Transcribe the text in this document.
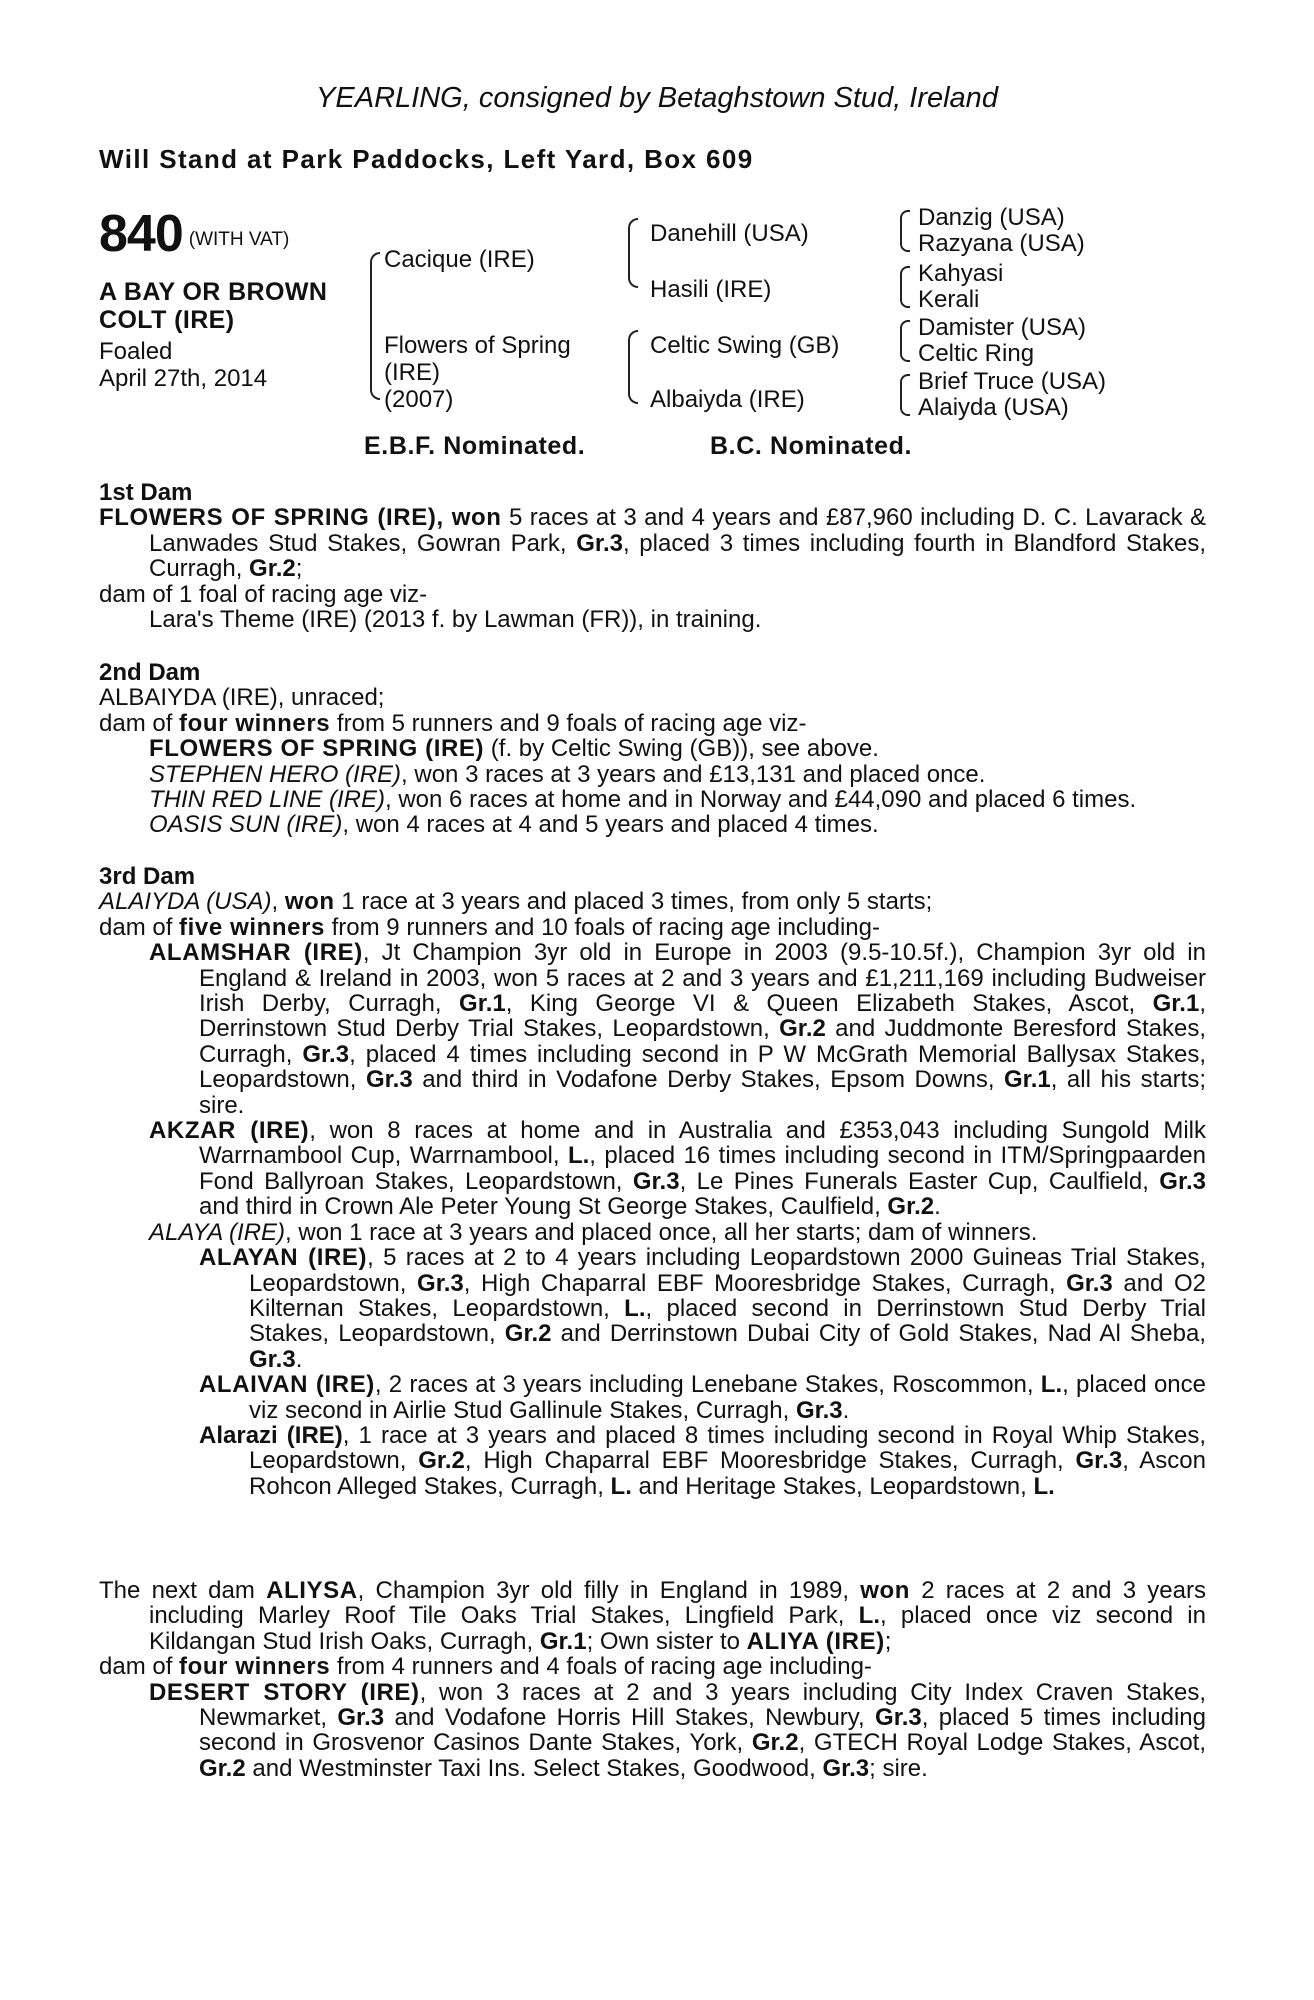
YEARLING, consigned by Betaghstown Stud, Ireland
Will Stand at Park Paddocks, Left Yard, Box 609
840 (WITH VAT)
A BAY OR BROWN
COLT (IRE)
Foaled
April 27th, 2014
Cacique (IRE)
Flowers of Spring
(IRE)
(2007)
Danehill (USA)
Hasili (IRE)
Celtic Swing (GB)
Albaiyda (IRE)
Danzig (USA)
Razyana (USA)
Kahyasi
Kerali
Damister (USA)
Celtic Ring
Brief Truce (USA)
Alaiyda (USA)
E.B.F. Nominated.	B.C. Nominated.

1st Dam

FLOWERS OF SPRING (IRE), won 5 races at 3 and 4 years and £87,960 including D. C. Lavarack & Lanwades Stud Stakes, Gowran Park, Gr.3, placed 3 times including fourth in Blandford Stakes, Curragh, Gr.2;

dam of 1 foal of racing age viz-

Lara's Theme (IRE) (2013 f. by Lawman (FR)), in training.

2nd Dam

ALBAIYDA (IRE), unraced;

dam of four winners from 5 runners and 9 foals of racing age viz-

FLOWERS OF SPRING (IRE) (f. by Celtic Swing (GB)), see above.

STEPHEN HERO (IRE), won 3 races at 3 years and £13,131 and placed once.

THIN RED LINE (IRE), won 6 races at home and in Norway and £44,090 and placed 6 times.

OASIS SUN (IRE), won 4 races at 4 and 5 years and placed 4 times.

3rd Dam

ALAIYDA (USA), won 1 race at 3 years and placed 3 times, from only 5 starts;

dam of five winners from 9 runners and 10 foals of racing age including-

ALAMSHAR (IRE), Jt Champion 3yr old in Europe in 2003 (9.5-10.5f.), Champion 3yr old in England & Ireland in 2003, won 5 races at 2 and 3 years and £1,211,169 including Budweiser Irish Derby, Curragh, Gr.1, King George VI & Queen Elizabeth Stakes, Ascot, Gr.1, Derrinstown Stud Derby Trial Stakes, Leopardstown, Gr.2 and Juddmonte Beresford Stakes, Curragh, Gr.3, placed 4 times including second in P W McGrath Memorial Ballysax Stakes, Leopardstown, Gr.3 and third in Vodafone Derby Stakes, Epsom Downs, Gr.1, all his starts; sire.

AKZAR (IRE), won 8 races at home and in Australia and £353,043 including Sungold Milk Warrnambool Cup, Warrnambool, L., placed 16 times including second in ITM/Springpaarden Fond Ballyroan Stakes, Leopardstown, Gr.3, Le Pines Funerals Easter Cup, Caulfield, Gr.3 and third in Crown Ale Peter Young St George Stakes, Caulfield, Gr.2.

ALAYA (IRE), won 1 race at 3 years and placed once, all her starts; dam of winners.

ALAYAN (IRE), 5 races at 2 to 4 years including Leopardstown 2000 Guineas Trial Stakes, Leopardstown, Gr.3, High Chaparral EBF Mooresbridge Stakes, Curragh, Gr.3 and O2 Kilternan Stakes, Leopardstown, L., placed second in Derrinstown Stud Derby Trial Stakes, Leopardstown, Gr.2 and Derrinstown Dubai City of Gold Stakes, Nad Al Sheba, Gr.3.

ALAIVAN (IRE), 2 races at 3 years including Lenebane Stakes, Roscommon, L., placed once viz second in Airlie Stud Gallinule Stakes, Curragh, Gr.3.

Alarazi (IRE), 1 race at 3 years and placed 8 times including second in Royal Whip Stakes, Leopardstown, Gr.2, High Chaparral EBF Mooresbridge Stakes, Curragh, Gr.3, Ascon Rohcon Alleged Stakes, Curragh, L. and Heritage Stakes, Leopardstown, L.

The next dam ALIYSA, Champion 3yr old filly in England in 1989, won 2 races at 2 and 3 years including Marley Roof Tile Oaks Trial Stakes, Lingfield Park, L., placed once viz second in Kildangan Stud Irish Oaks, Curragh, Gr.1; Own sister to ALIYA (IRE);

dam of four winners from 4 runners and 4 foals of racing age including-

DESERT STORY (IRE), won 3 races at 2 and 3 years including City Index Craven Stakes, Newmarket, Gr.3 and Vodafone Horris Hill Stakes, Newbury, Gr.3, placed 5 times including second in Grosvenor Casinos Dante Stakes, York, Gr.2, GTECH Royal Lodge Stakes, Ascot, Gr.2 and Westminster Taxi Ins. Select Stakes, Goodwood, Gr.3; sire.
